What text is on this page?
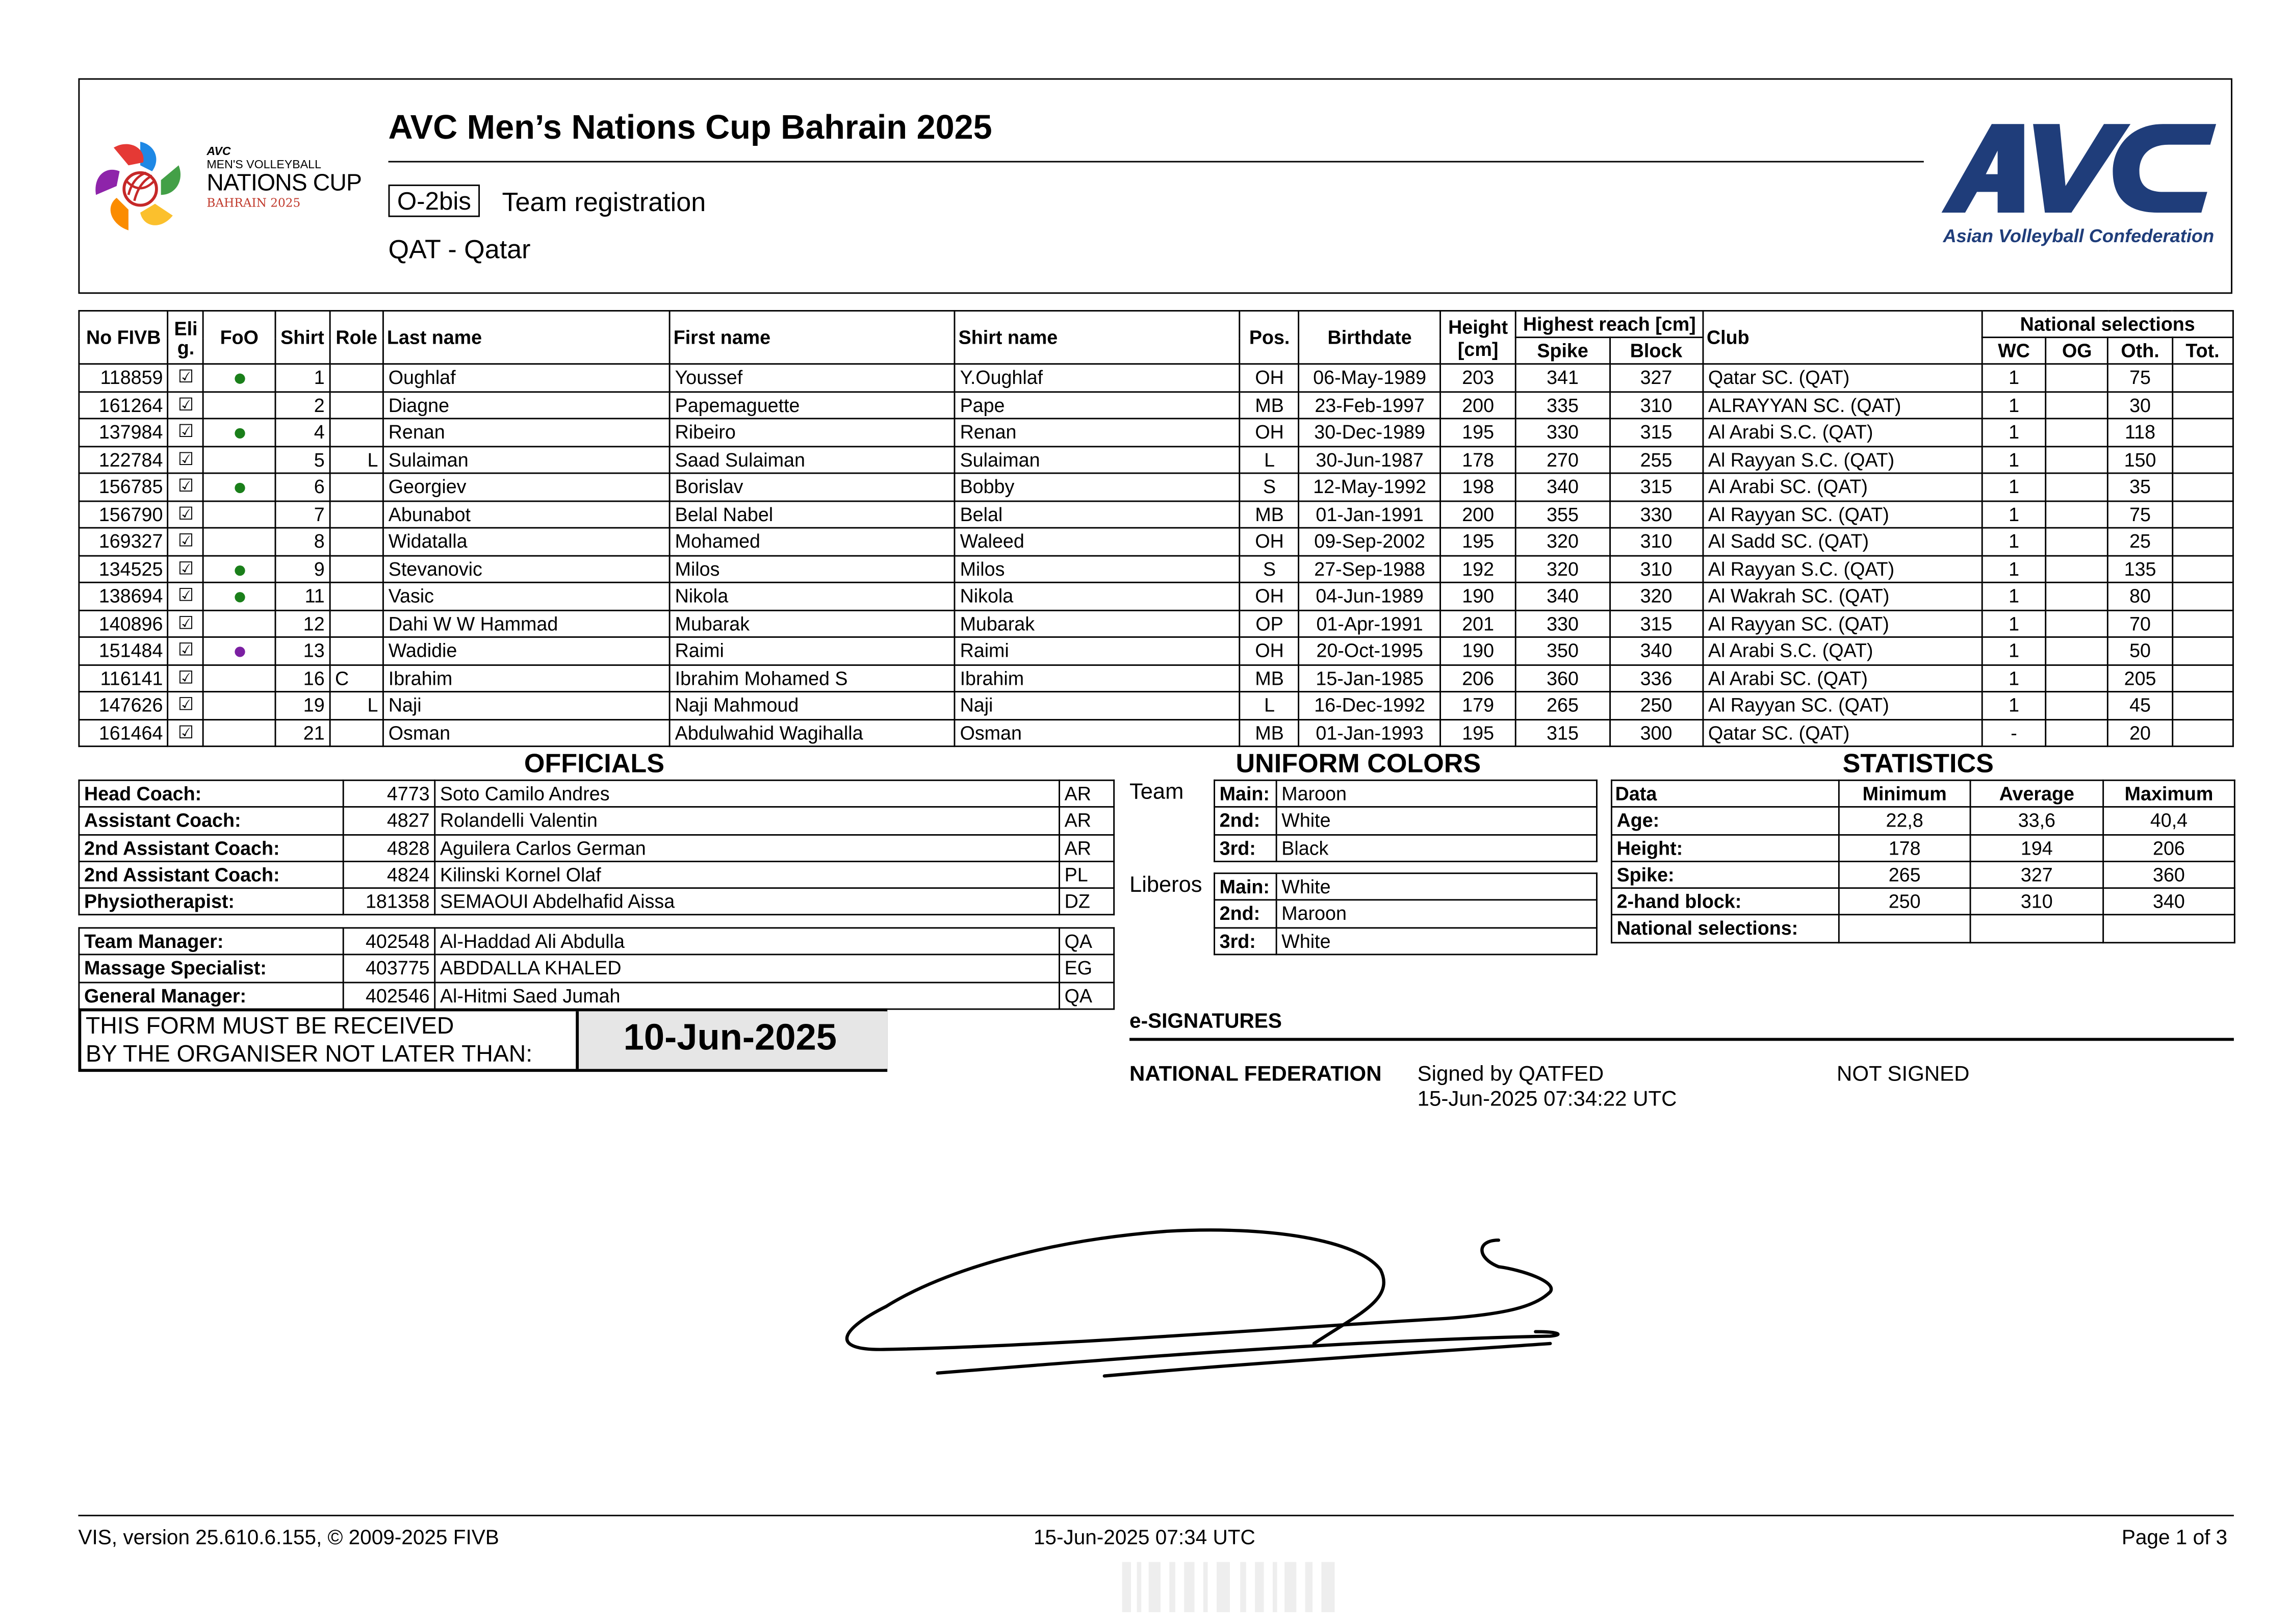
AVC
MEN'S VOLLEYBALL
NATIONS CUP
BAHRAIN 2025
AVC Men’s Nations Cup Bahrain 2025
O-2bis	Team registration
QAT - Qatar	Asian Volleyball Confederation
No FIVB	Eli g.	FoO	Shirt	Role	Last name	First name	Shirt name	Pos.	Birthdate	Height [cm]	Highest reach [cm]		Club	National selections			
											Spike	Block		WC	OG	Oth.	Tot.
118859	☑		1		Oughlaf	Youssef	Y.Oughlaf	OH	06-May-1989	203	341	327	Qatar SC. (QAT)	1		75	
161264	☑		2		Diagne	Papemaguette	Pape	MB	23-Feb-1997	200	335	310	ALRAYYAN SC. (QAT)	1		30	
137984	☑		4		Renan	Ribeiro	Renan	OH	30-Dec-1989	195	330	315	Al Arabi S.C. (QAT)	1		118	
122784	☑		5	L	Sulaiman	Saad Sulaiman	Sulaiman	L	30-Jun-1987	178	270	255	Al Rayyan S.C. (QAT)	1		150	
156785	☑		6		Georgiev	Borislav	Bobby	S	12-May-1992	198	340	315	Al Arabi SC. (QAT)	1		35	
156790	☑		7		Abunabot	Belal Nabel	Belal	MB	01-Jan-1991	200	355	330	Al Rayyan SC. (QAT)	1		75	
169327	☑		8		Widatalla	Mohamed	Waleed	OH	09-Sep-2002	195	320	310	Al Sadd SC. (QAT)	1		25	
134525	☑		9		Stevanovic	Milos	Milos	S	27-Sep-1988	192	320	310	Al Rayyan S.C. (QAT)	1		135	
138694	☑		11		Vasic	Nikola	Nikola	OH	04-Jun-1989	190	340	320	Al Wakrah SC. (QAT)	1		80	
140896	☑		12		Dahi W W Hammad	Mubarak	Mubarak	OP	01-Apr-1991	201	330	315	Al Rayyan SC. (QAT)	1		70	
151484	☑		13		Wadidie	Raimi	Raimi	OH	20-Oct-1995	190	350	340	Al Arabi S.C. (QAT)	1		50	
116141	☑		16	C	Ibrahim	Ibrahim Mohamed S	Ibrahim	MB	15-Jan-1985	206	360	336	Al Arabi SC. (QAT)	1		205	
147626	☑		19	L	Naji	Naji Mahmoud	Naji	L	16-Dec-1992	179	265	250	Al Rayyan SC. (QAT)	1		45	
161464	☑		21		Osman	Abdulwahid Wagihalla	Osman	MB	01-Jan-1993	195	315	300	Qatar SC. (QAT)	-		20	
OFFICIALS
Head Coach:	4773	Soto Camilo Andres	AR
Assistant Coach:	4827	Rolandelli Valentin	AR
2nd Assistant Coach:	4828	Aguilera Carlos German	AR
2nd Assistant Coach:	4824	Kilinski Kornel Olaf	PL
Physiotherapist:	181358	SEMAOUI Abdelhafid Aissa	DZ
Team Manager:	402548	Al-Haddad Ali Abdulla	QA
Massage Specialist:	403775	ABDDALLA KHALED	EG
General Manager:	402546	Al-Hitmi Saed Jumah	QA
THIS FORM MUST BE RECEIVED
BY THE ORGANISER NOT LATER THAN:	10-Jun-2025
UNIFORM COLORS
Team
Liberos
Main:	Maroon
2nd:	White
3rd:	Black
Main:	White
2nd:	Maroon
3rd:	White
STATISTICS
Data	Minimum	Average	Maximum
Age:	22,8	33,6	40,4
Height:	178	194	206
Spike:	265	327	360
2-hand block:	250	310	340
National selections:			
e-SIGNATURES
NATIONAL FEDERATION	Signed by QATFED
15-Jun-2025 07:34:22 UTC
NOT SIGNED
VIS, version 25.610.6.155, © 2009-2025 FIVB	15-Jun-2025 07:34 UTC	Page 1 of 3
